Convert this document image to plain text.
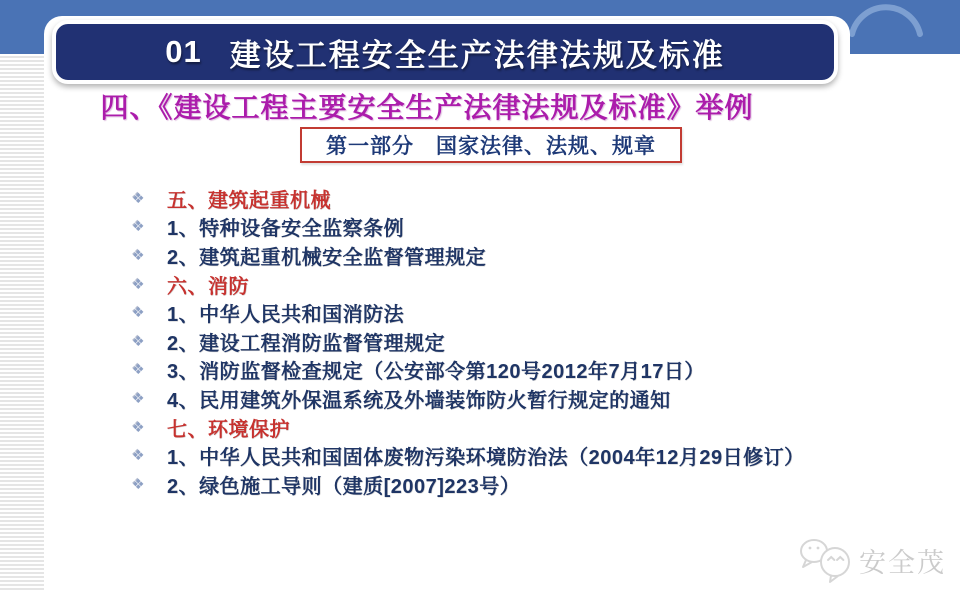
01 建设工程安全生产法律法规及标准
四、《建设工程主要安全生产法律法规及标准》举例
第一部分　国家法律、法规、规章
❖	五、建筑起重机械
❖	1、特种设备安全监察条例
❖	2、建筑起重机械安全监督管理规定
❖	六、消防
❖	1、中华人民共和国消防法
❖	2、建设工程消防监督管理规定
❖	3、消防监督检查规定（公安部令第120号2012年7月17日）
❖	4、民用建筑外保温系统及外墙装饰防火暂行规定的通知
❖	七、环境保护
❖	1、中华人民共和国固体废物污染环境防治法（2004年12月29日修订）
❖	2、绿色施工导则（建质[2007]223号）
安全茂
